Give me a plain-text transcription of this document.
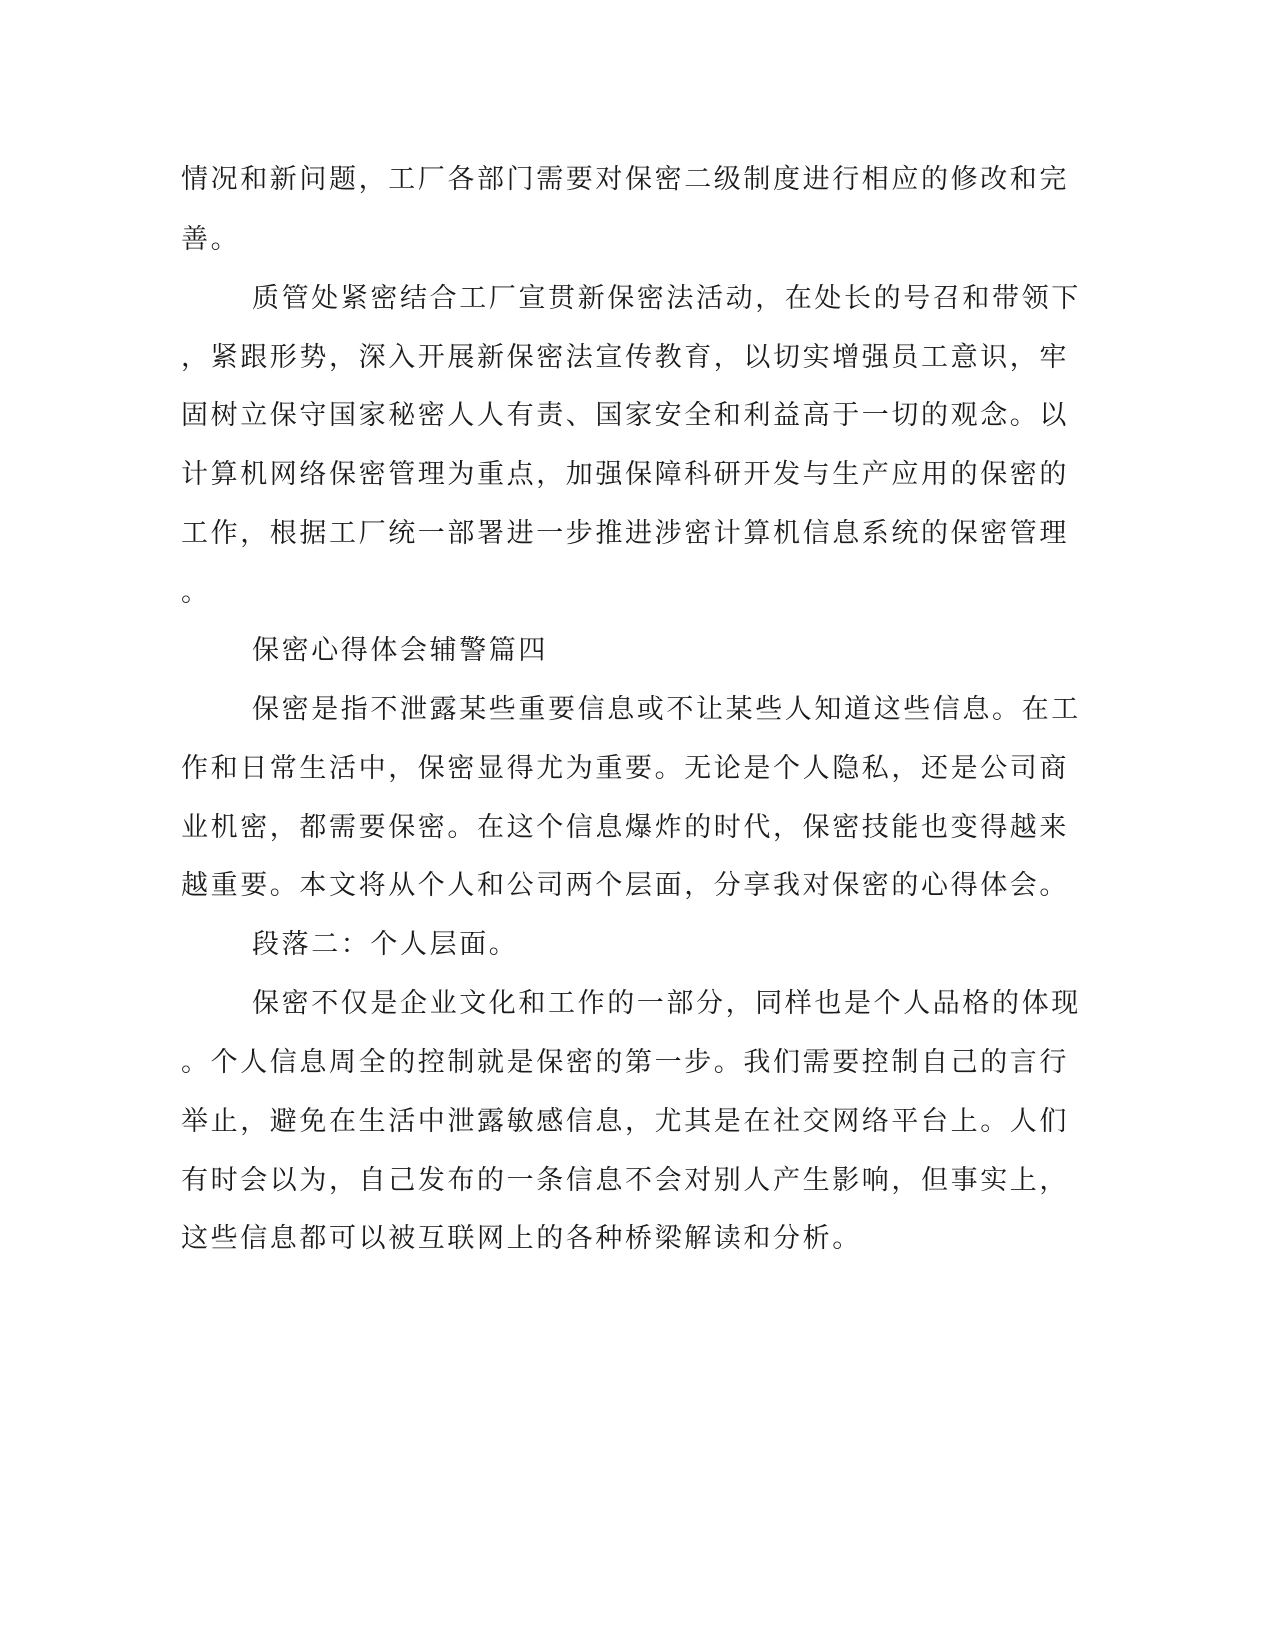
情况和新问题，工厂各部门需要对保密二级制度进行相应的修改和完
善。
质管处紧密结合工厂宣贯新保密法活动，在处长的号召和带领下
，紧跟形势，深入开展新保密法宣传教育，以切实增强员工意识，牢
固树立保守国家秘密人人有责、国家安全和利益高于一切的观念。以
计算机网络保密管理为重点，加强保障科研开发与生产应用的保密的
工作，根据工厂统一部署进一步推进涉密计算机信息系统的保密管理
。
保密心得体会辅警篇四
保密是指不泄露某些重要信息或不让某些人知道这些信息。在工
作和日常生活中，保密显得尤为重要。无论是个人隐私，还是公司商
业机密，都需要保密。在这个信息爆炸的时代，保密技能也变得越来
越重要。本文将从个人和公司两个层面，分享我对保密的心得体会。
段落二：个人层面。
保密不仅是企业文化和工作的一部分，同样也是个人品格的体现
。个人信息周全的控制就是保密的第一步。我们需要控制自己的言行
举止，避免在生活中泄露敏感信息，尤其是在社交网络平台上。人们
有时会以为，自己发布的一条信息不会对别人产生影响，但事实上，
这些信息都可以被互联网上的各种桥梁解读和分析。
